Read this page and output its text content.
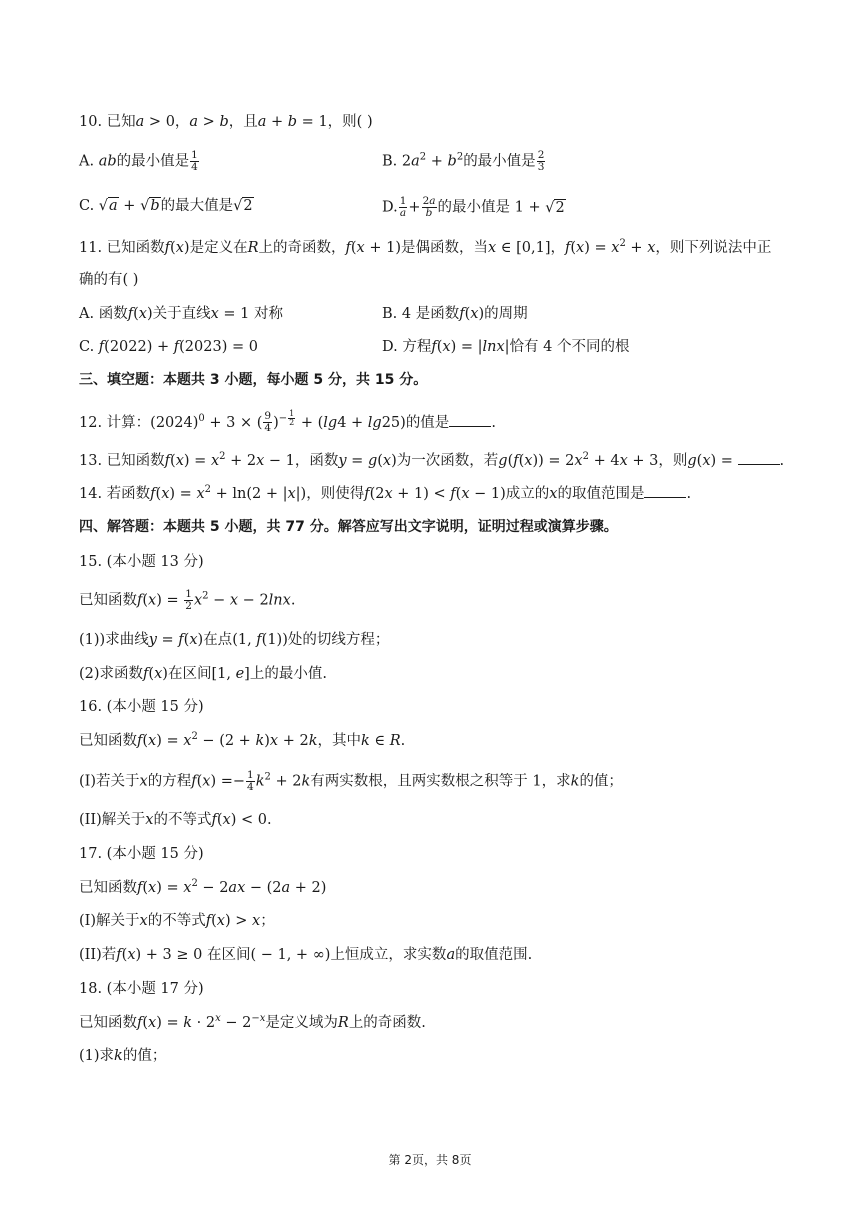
10. 已知a > 0，a > b，且a + b = 1，则( )
A. ab的最小值是 $\frac{1}{4}$	B. $2a^2 + b^2$的最小值是 $\frac{2}{3}$
C. √a + √b的最大值是√2	D. $\frac{1}{a} + \frac{2a}{b}$ 的最小值是 1 + √2
11. 已知函数f(x)是定义在R上的奇函数，f(x + 1)是偶函数，当x ∈ [0,1]，$f(x) = x^2 + x$，则下列说法中正
确的有( )
A. 函数f(x)关于直线x = 1 对称	B. 4 是函数f(x)的周期
C. f(2022) + f(2023) = 0	D. 方程f(x) = |lnx|恰有 4 个不同的根
三、填空题：本题共 3 小题，每小题 5 分，共 15 分。
12. 计算：$(2024)^0 + 3$ × ( $\frac{9}{4} )^{- \frac{1}{2}} + (\lg 4 + \lg 25)$的值是	.
13. 已知函数$f(x) = x^2 + 2x - 1$，函数y = g(x)为一次函数，若$g(f(x)) = 2x^2 + 4x + 3$，则g(x) =	.
14. 若函数$f(x) = x^2 + \ln(2 + |x|)$，则使得f(2x + 1) < f(x − 1)成立的x的取值范围是	.
四、解答题：本题共 5 小题，共 77 分。解答应写出文字说明，证明过程或演算步骤。
15. (本小题 13 分)
已知函数$f(x) = \frac{1}{2} x^2 - x - 2\ln x$.
(1))求曲线y = f(x)在点(1, f(1))处的切线方程；
(2)求函数f(x)在区间[1, e]上的最小值.
16. (本小题 15 分)
已知函数$f(x) = x^2 - (2 + k)x + 2k$，其中k ∈ R.
(I)若关于x的方程$f(x) =- \frac{1}{4} k^2 + 2k$有两实数根，且两实数根之积等于 1，求k的值；
(II)解关于x的不等式f(x) < 0.
17. (本小题 15 分)
已知函数$f(x) = x^2 - 2ax - (2a + 2)$
(I)解关于x的不等式f(x) > x；
(II)若f(x) + 3 ≥ 0 在区间( − 1, + ∞)上恒成立，求实数a的取值范围.
18. (本小题 17 分)
已知函数$f(x) = k \cdot 2^x - 2^{-x}$是定义域为R上的奇函数.
(1)求k的值；
第 2页，共 8页
